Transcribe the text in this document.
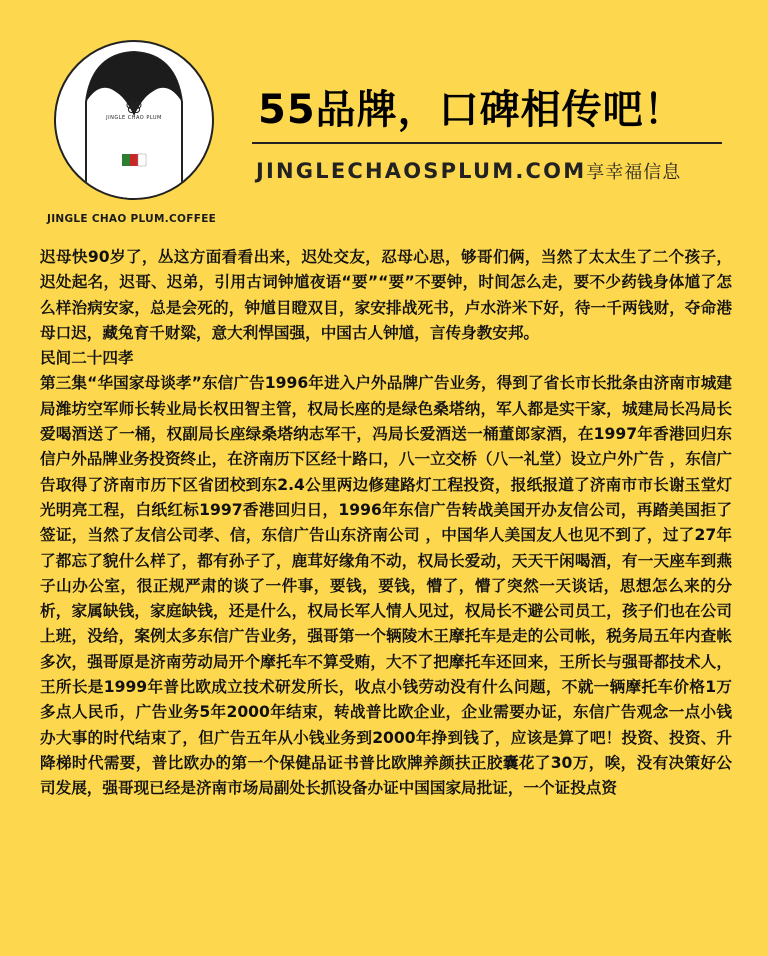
JINGLE CHAO PLUM
JINGLE CHAO PLUM.COFFEE
55品牌，口碑相传吧！
JINGLECHAOSPLUM.COM享幸福信息

迟母快90岁了，丛这方面看看出来，迟处交友，忍母心思，够哥们俩，当然了太太生了二个孩子，迟处起名，迟哥、迟弟，引用古词钟馗夜语“要”“要”不要钟，时间怎么走，要不少药钱身体馗了怎么样治病安家，总是会死的，钟馗目瞪双目，家安排战死书，卢水浒米下好，待一千两钱财，夺命港母口迟，藏兔育千财粱，意大利悍国强，中国古人钟馗，言传身教安邦。

民间二十四孝

第三集“华国家母谈孝”东信广告1996年进入户外品牌广告业务，得到了省长市长批条由济南市城建局潍坊空军师长转业局长权田智主管，权局长座的是绿色桑塔纳，军人都是实干家，城建局长冯局长爱喝酒送了一桶，权副局长座绿桑塔纳志军干，冯局长爱酒送一桶董郎家酒，在1997年香港回归东信户外品牌业务投资终止，在济南历下区经十路口，八一立交桥（八一礼堂）设立户外广告 ，东信广告取得了济南市历下区省团校到东2.4公里两边修建路灯工程投资，报纸报道了济南市市长谢玉堂灯光明亮工程，白纸红标1997香港回归日，1996年东信广告转战美国开办友信公司，再踏美国拒了签证，当然了友信公司孝、信，东信广告山东济南公司 ，中国华人美国友人也见不到了，过了27年了都忘了貌什么样了，都有孙子了，鹿茸好缘角不动，权局长爱动，天天干闲喝酒，有一天座车到燕子山办公室，很正规严肃的谈了一件事，要钱，要钱，懵了，懵了突然一天谈话，思想怎么来的分析，家属缺钱，家庭缺钱，还是什么，权局长军人情人见过，权局长不避公司员工，孩子们也在公司上班，没给，案例太多东信广告业务，强哥第一个辆陵木王摩托车是走的公司帐，税务局五年内查帐多次，强哥原是济南劳动局开个摩托车不算受贿，大不了把摩托车还回来，王所长与强哥都技术人，王所长是1999年普比欧成立技术研发所长，收点小钱劳动没有什么问题，不就一辆摩托车价格1万多点人民币，广告业务5年2000年结束，转战普比欧企业，企业需要办证，东信广告观念一点小钱办大事的时代结束了，但广告五年从小钱业务到2000年挣到钱了，应该是算了吧！投资、投资、升降梯时代需要，普比欧办的第一个保健品证书普比欧牌养颜扶正胶囊花了30万，唉，没有决策好公司发展，强哥现已经是济南市场局副处长抓设备办证中国国家局批证，一个证投点资
